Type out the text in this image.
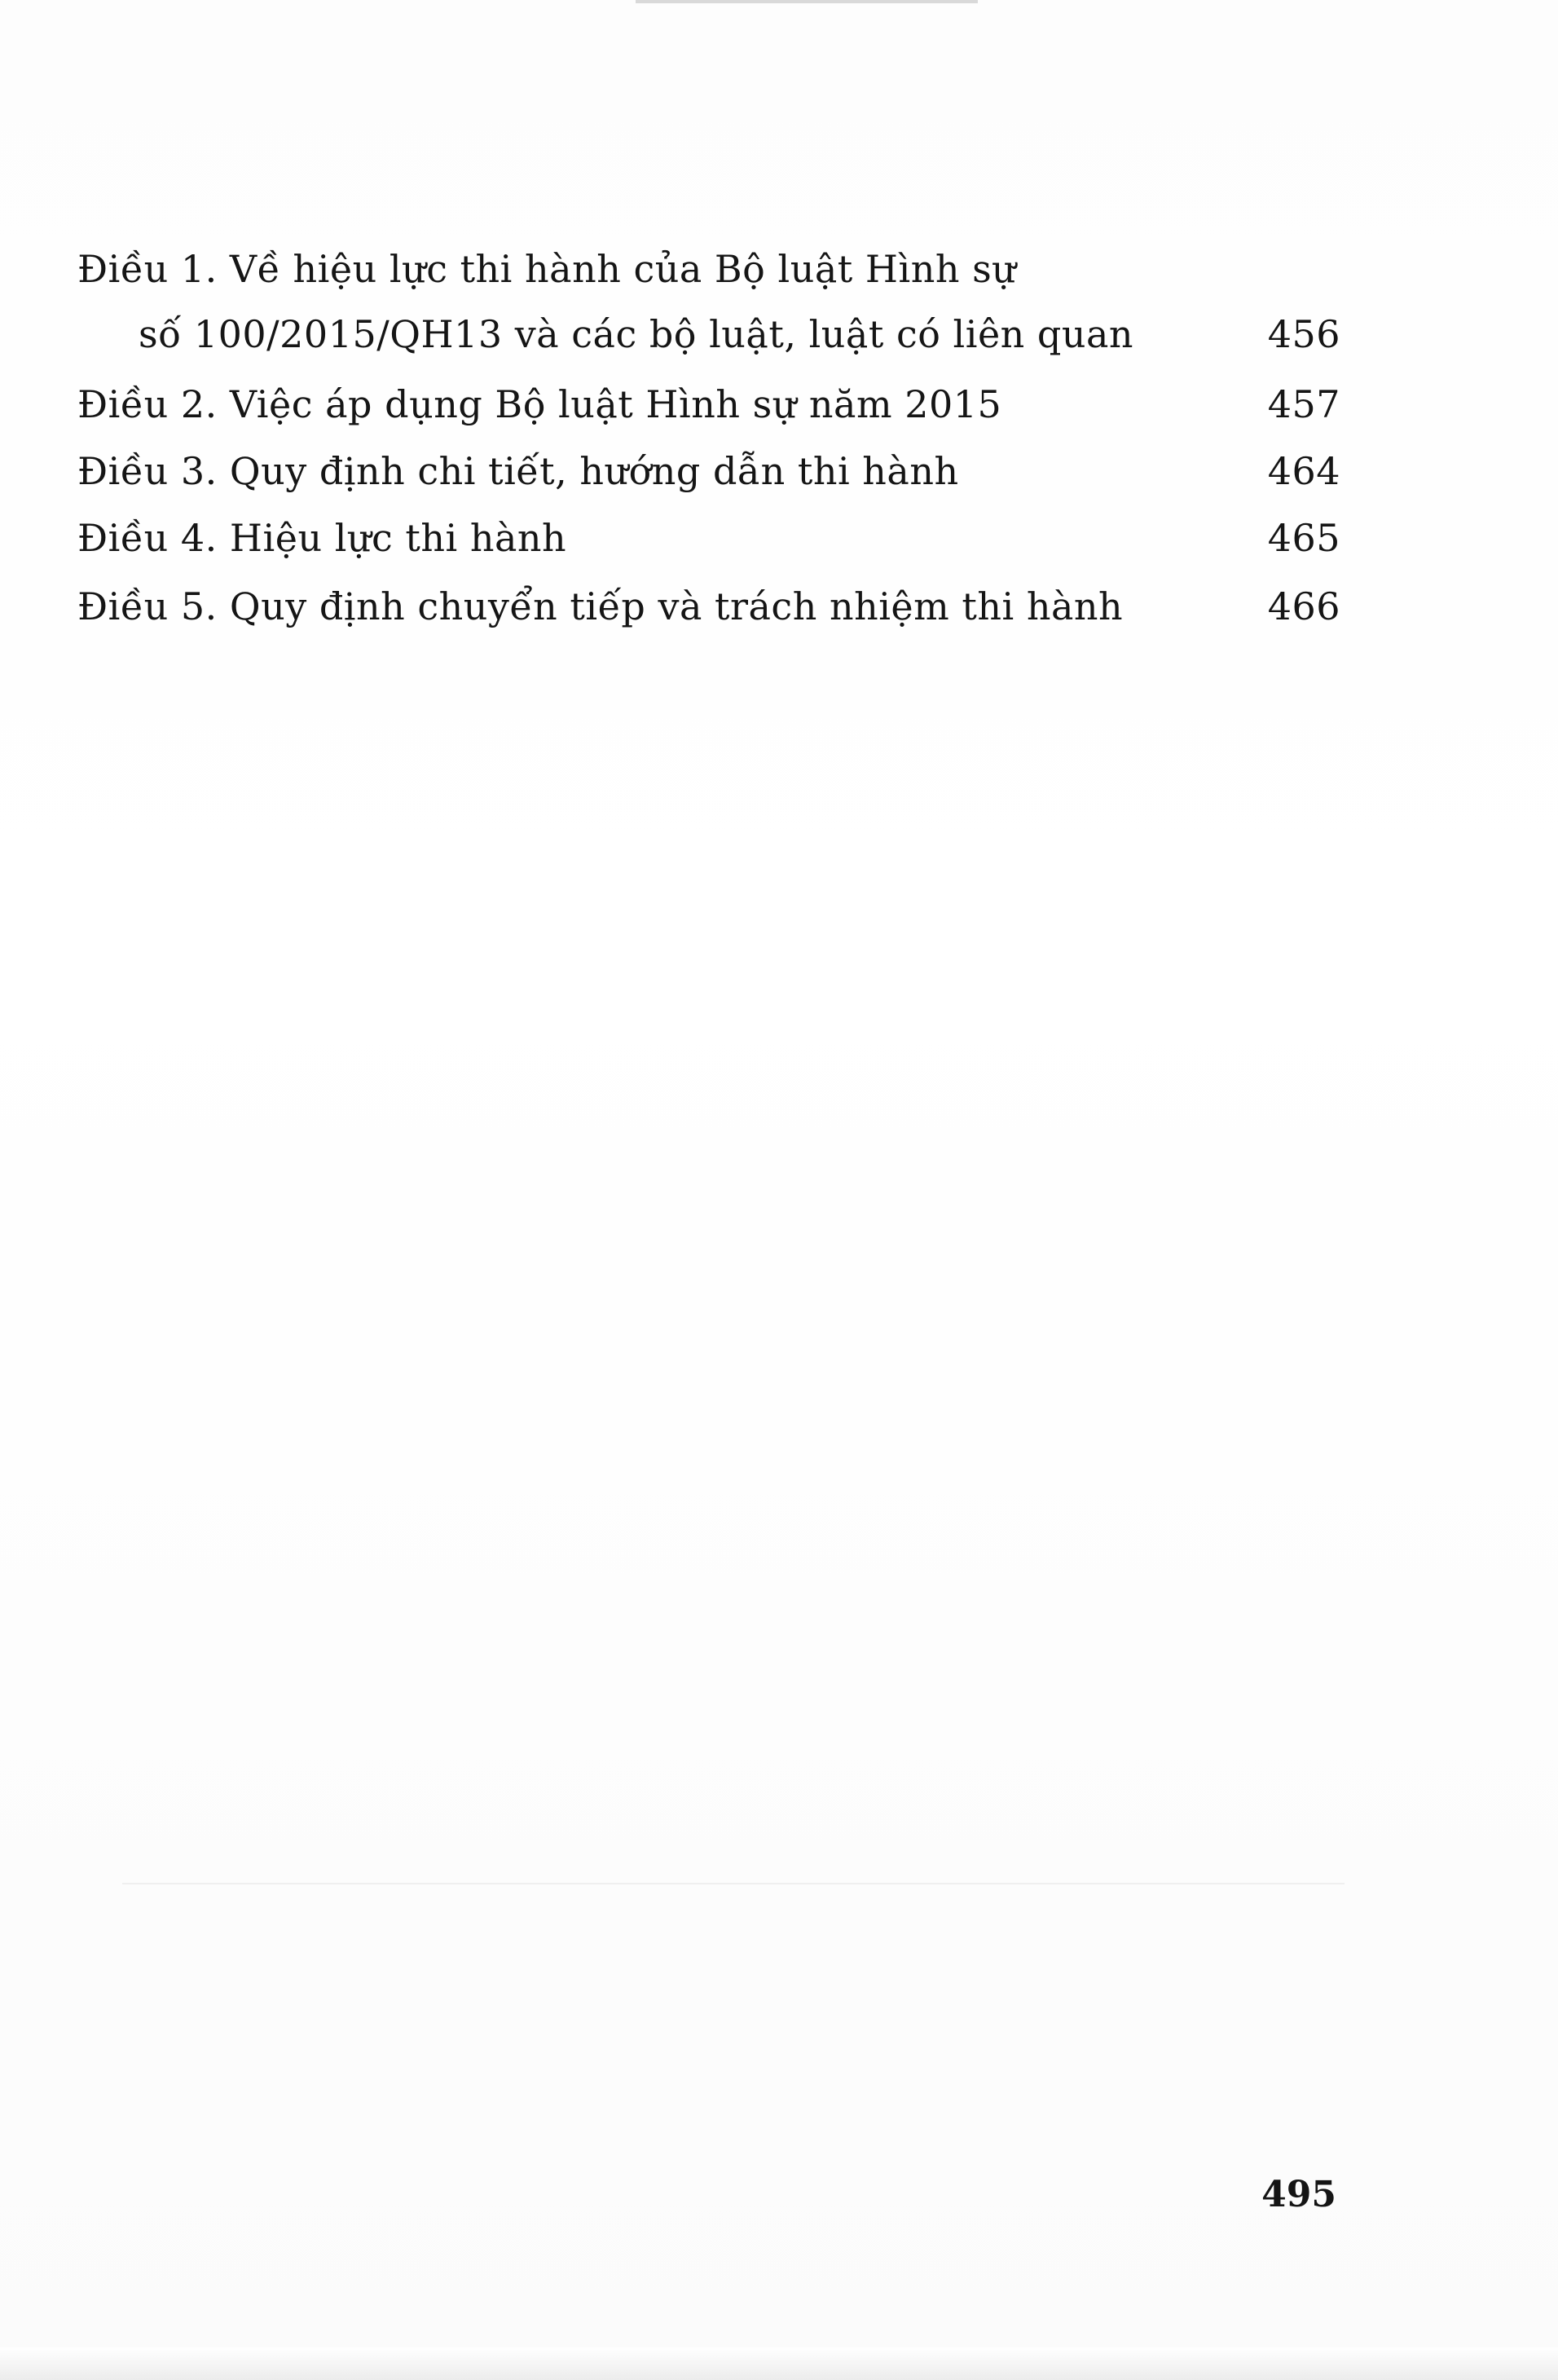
Điều 1. Về hiệu lực thi hành của Bộ luật Hình sự
số 100/2015/QH13 và các bộ luật, luật có liên quan	456
Điều 2. Việc áp dụng Bộ luật Hình sự năm 2015	457
Điều 3. Quy định chi tiết, hướng dẫn thi hành	464
Điều 4. Hiệu lực thi hành	465
Điều 5. Quy định chuyển tiếp và trách nhiệm thi hành	466
495
